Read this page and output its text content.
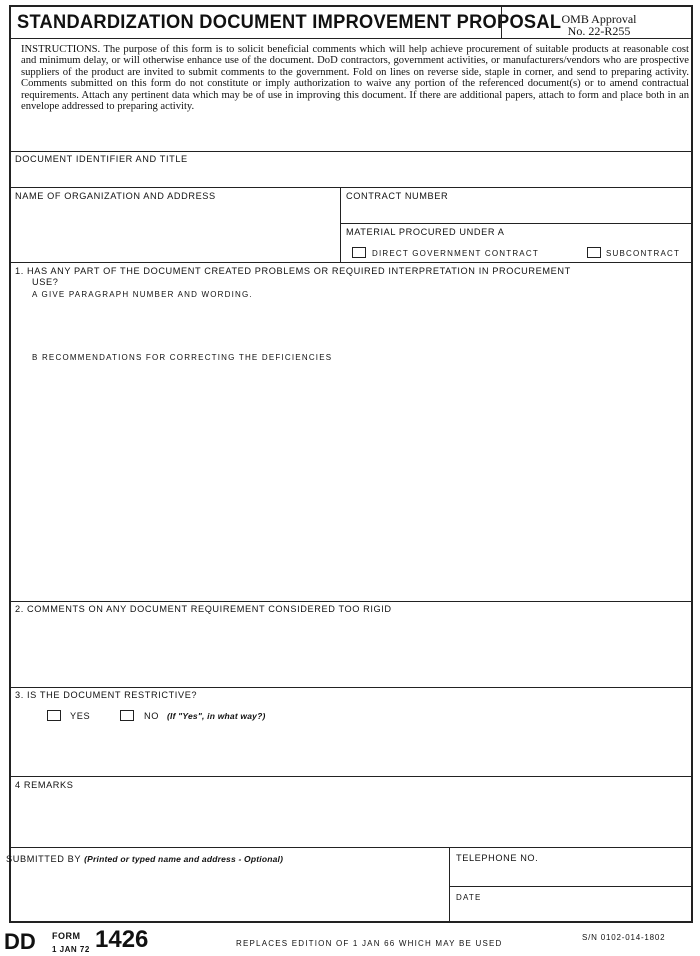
STANDARDIZATION DOCUMENT IMPROVEMENT PROPOSAL OMB Approval
No. 22-R255
INSTRUCTIONS. The purpose of this form is to solicit beneficial comments which will help achieve procurement of suitable products at reasonable cost and minimum delay, or will otherwise enhance use of the document. DoD contractors, government activities, or manufacturers/vendors who are prospective suppliers of the product are invited to submit comments to the government. Fold on lines on reverse side, staple in corner, and send to preparing activity. Comments submitted on this form do not constitute or imply authorization to waive any portion of the referenced document(s) or to amend contractual requirements. Attach any pertinent data which may be of use in improving this document. If there are additional papers, attach to form and place both in an envelope addressed to preparing activity.
DOCUMENT IDENTIFIER AND TITLE
NAME OF ORGANIZATION AND ADDRESS	CONTRACT NUMBER
MATERIAL PROCURED UNDER A
DIRECT GOVERNMENT CONTRACT	SUBCONTRACT
1. HAS ANY PART OF THE DOCUMENT CREATED PROBLEMS OR REQUIRED INTERPRETATION IN PROCUREMENT
USE?
A GIVE PARAGRAPH NUMBER AND WORDING.
B RECOMMENDATIONS FOR CORRECTING THE DEFICIENCIES
2. COMMENTS ON ANY DOCUMENT REQUIREMENT CONSIDERED TOO RIGID
3. IS THE DOCUMENT RESTRICTIVE?
YES	NO (If "Yes", in what way?)
4 REMARKS
SUBMITTED BY (Printed or typed name and address - Optional)	TELEPHONE NO.
DATE
DD FORM
1 JAN 72 1426	REPLACES EDITION OF 1 JAN 66 WHICH MAY BE USED
S/N 0102-014-1802
